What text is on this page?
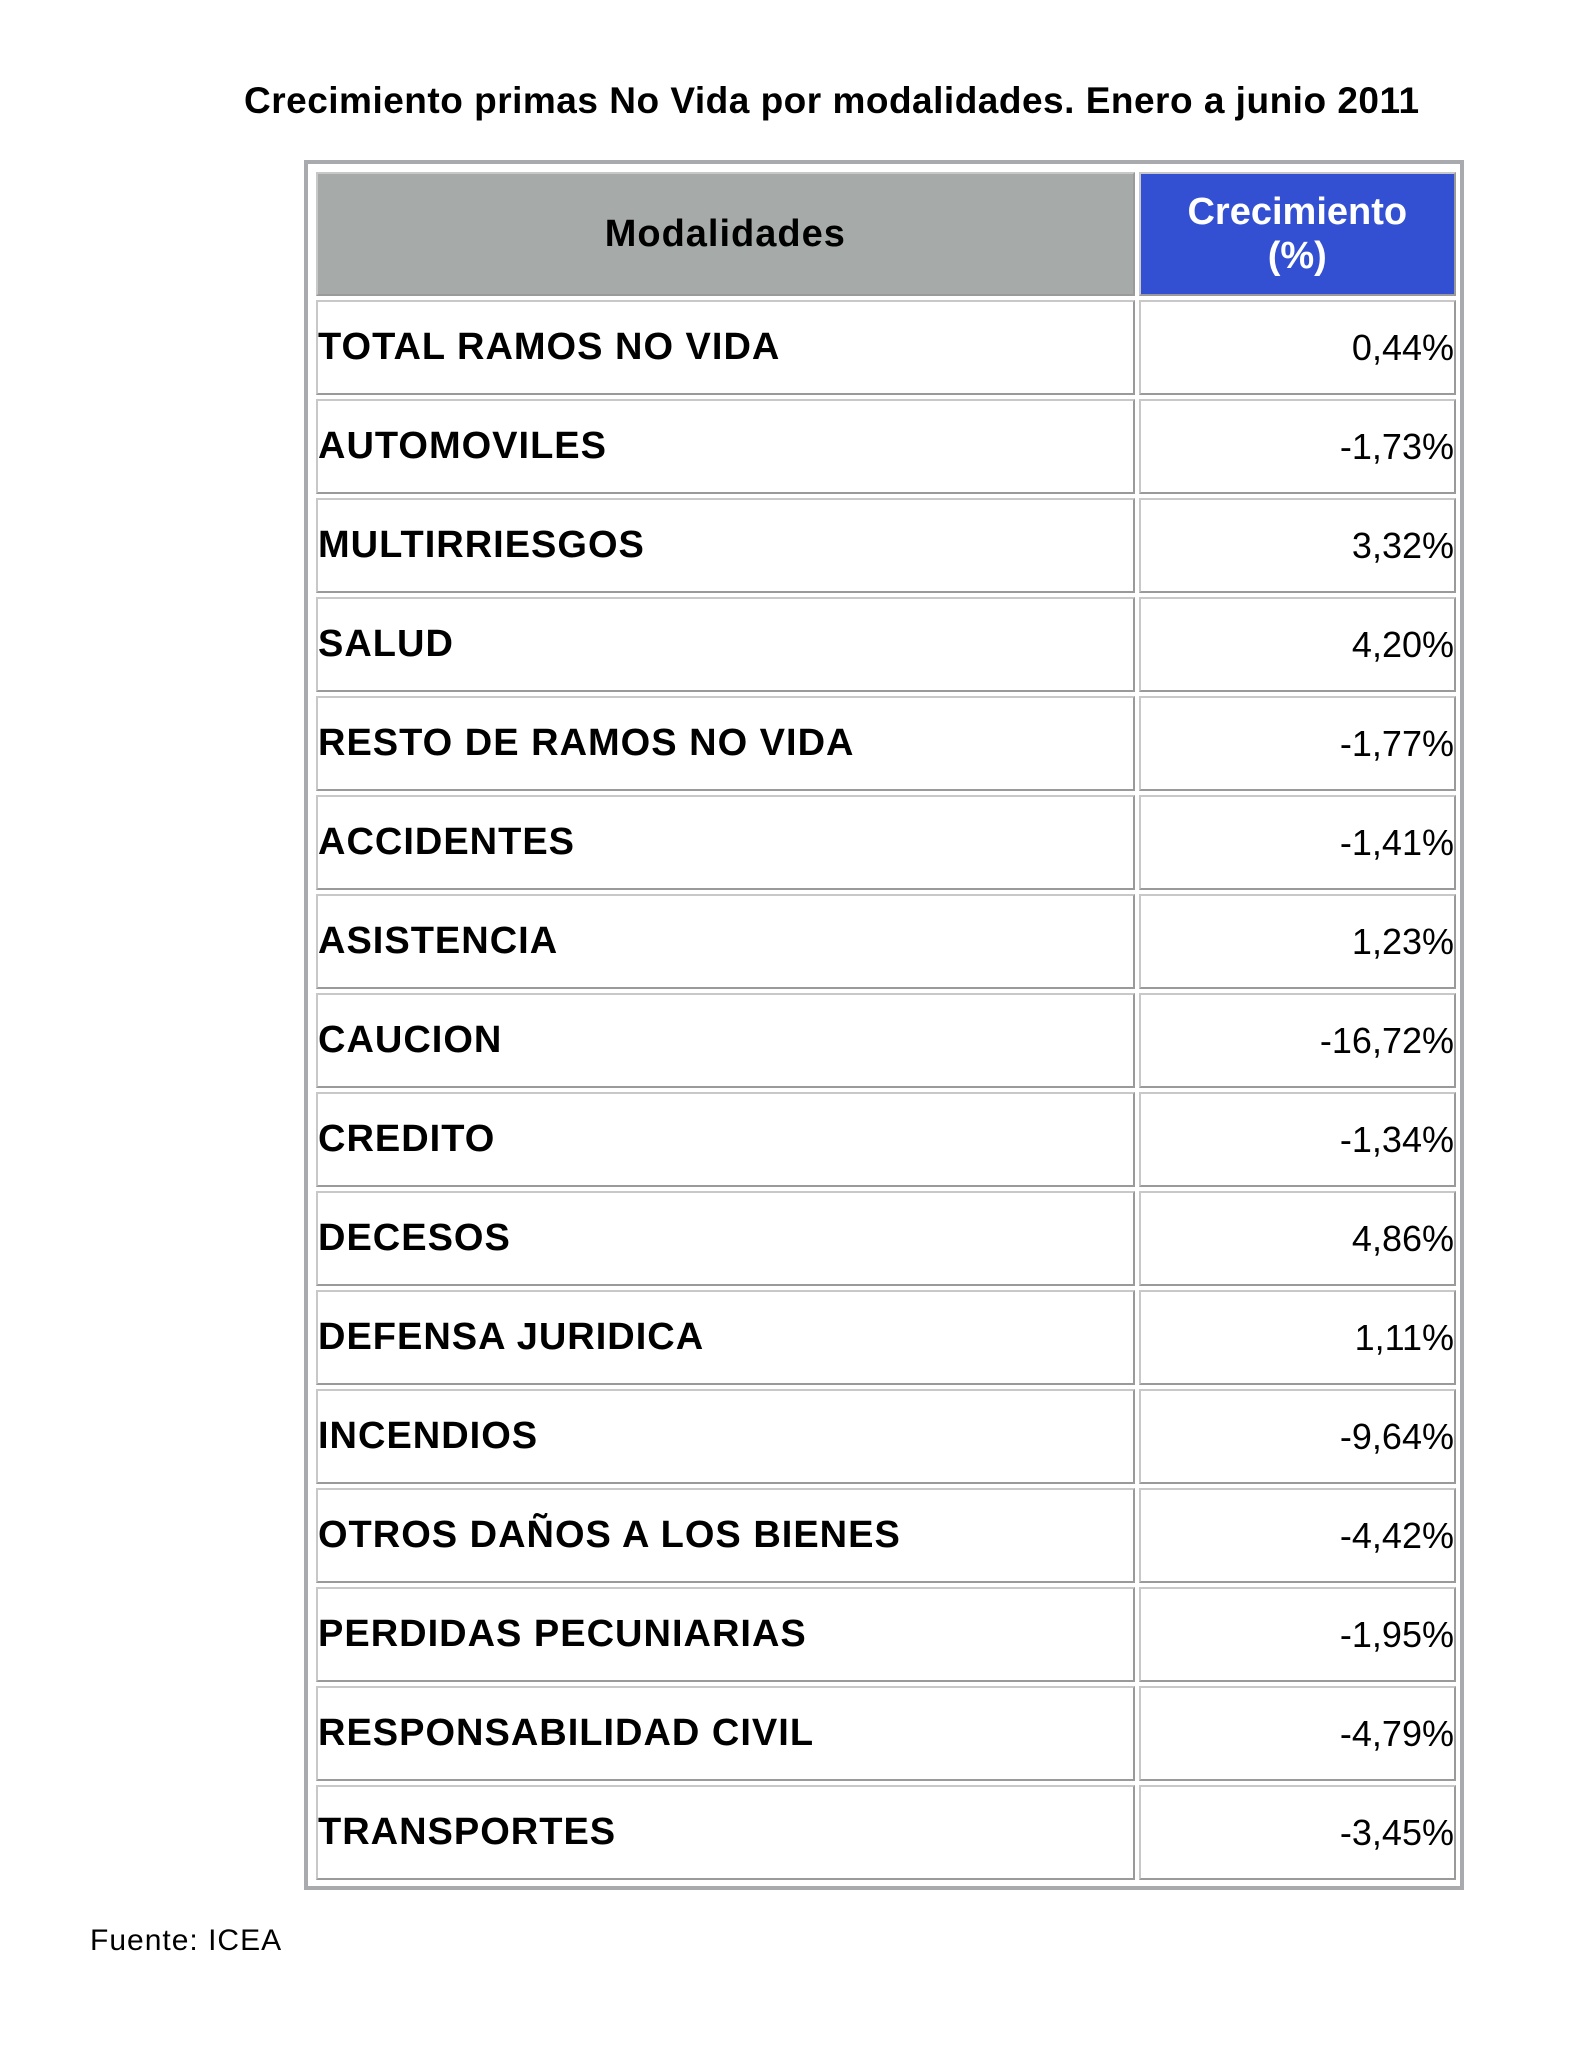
Crecimiento primas No Vida por modalidades. Enero a junio 2011
Modalidades	Crecimiento
(%)

TOTAL RAMOS NO VIDA	0,44%
AUTOMOVILES	-1,73%
MULTIRRIESGOS	3,32%
SALUD	4,20%
RESTO DE RAMOS NO VIDA	-1,77%
ACCIDENTES	-1,41%
ASISTENCIA	1,23%
CAUCION	-16,72%
CREDITO	-1,34%
DECESOS	4,86%
DEFENSA JURIDICA	1,11%
INCENDIOS	-9,64%
OTROS DAÑOS A LOS BIENES	-4,42%
PERDIDAS PECUNIARIAS	-1,95%
RESPONSABILIDAD CIVIL	-4,79%
TRANSPORTES	-3,45%
Fuente: ICEA
